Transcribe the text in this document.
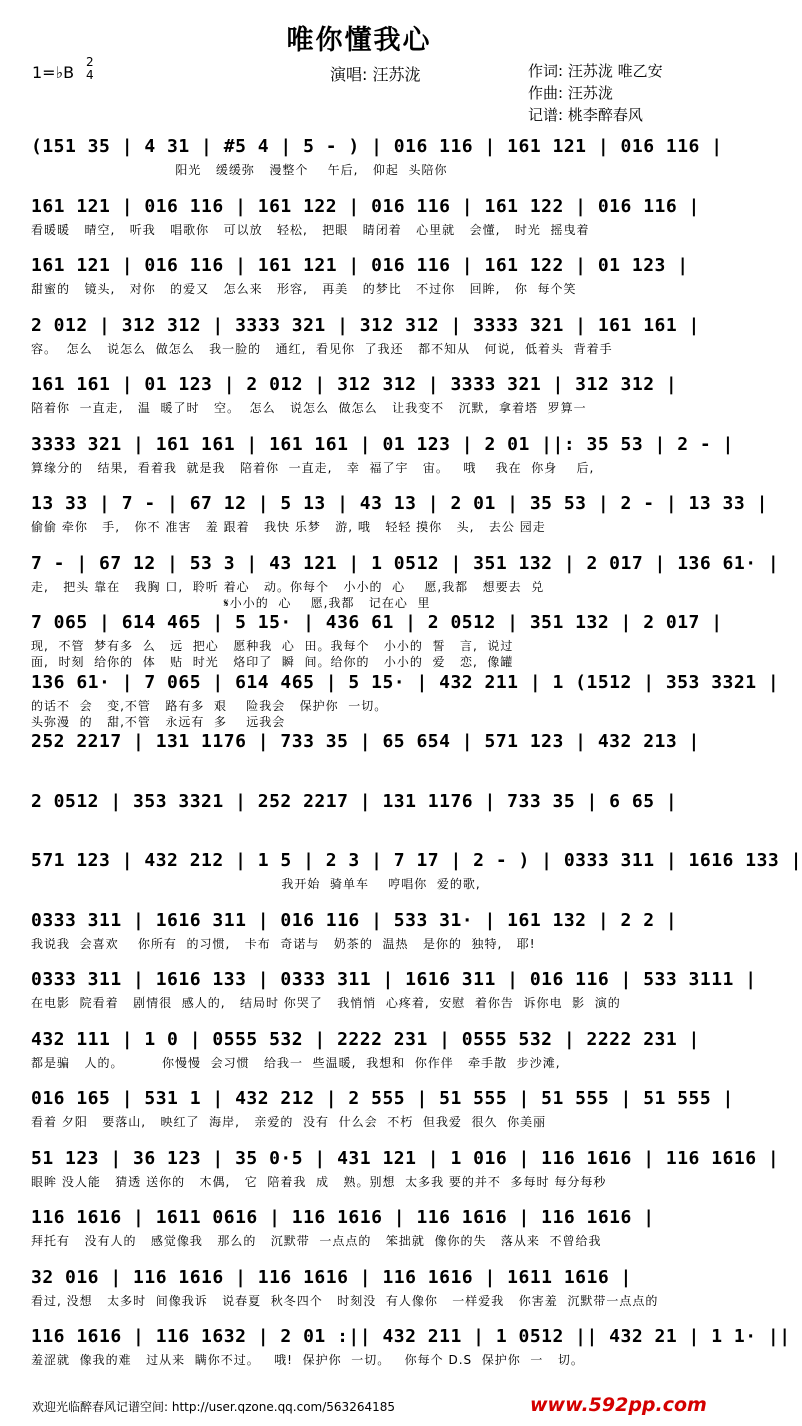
唯你懂我心
1=♭B
2
4	演唱: 汪苏泷	作词: 汪苏泷 唯乙安
作曲: 汪苏泷
记谱: 桃李醉春风
(151 35 | 4 31 | #5 4 | 5 - ) | 016 116 | 161 121 | 016 116 |
阳光   缓缓弥   漫整个    午后,   仰起  头陪你
161 121 | 016 116 | 161 122 | 016 116 | 161 122 | 016 116 |
看暖暖   晴空,   听我   唱歌你   可以放   轻松,   把眼   睛闭着   心里就   会懂,   时光  摇曳着
161 121 | 016 116 | 161 121 | 016 116 | 161 122 | 01 123 |
甜蜜的   镜头,   对你   的爱又   怎么来   形容,   再美   的梦比   不过你   回眸,   你  每个笑
2 012 | 312 312 | 3333 321 | 312 312 | 3333 321 | 161 161 |
容。  怎么   说怎么  做怎么   我一脸的   通红,  看见你  了我还   都不知从   何说,  低着头  背着手
161 161 | 01 123 | 2 012 | 312 312 | 3333 321 | 312 312 |
陪着你  一直走,   温  暖了时   空。  怎么   说怎么  做怎么   让我变不   沉默,  拿着塔  罗算一
3333 321 | 161 161 | 161 161 | 01 123 | 2 01 ||: 35 53 | 2 - |
算缘分的   结果,  看着我  就是我   陪着你  一直走,   幸  福了宇   宙。   哦    我在  你身    后,
13 33 | 7 - | 67 12 | 5 13 | 43 13 | 2 01 | 35 53 | 2 - | 13 33 |
偷偷 牵你   手,   你不 准害   羞 跟着   我快 乐梦   游, 哦   轻轻 摸你   头,   去公 园走
7 - | 67 12 | 53 3 | 43 121 | 1 0512 | 351 132 | 2 017 | 136 61· |
走,   把头 靠在   我胸 口,  聆听 着心   动。你每个   小小的  心    愿,我都   想要去  兑
𝄋小小的  心    愿,我都   记在心  里
7 065 | 614 465 | 5 15· | 436 61 | 2 0512 | 351 132 | 2 017 |
现,  不管  梦有多  么   远  把心   愿种我  心  田。我每个   小小的  誓   言,  说过
面,  时刻  给你的  体   贴  时光   烙印了  瞬  间。给你的   小小的  爱   恋,  像罐
136 61· | 7 065 | 614 465 | 5 15· | 432 211 | 1 (1512 | 353 3321 |
的话不  会   变,不管   路有多  艰    险我会   保护你  一切。
头弥漫  的   甜,不管   永远有  多    远我会
252 2217 | 131 1176 | 733 35 | 65 654 | 571 123 | 432 213 |
2 0512 | 353 3321 | 252 2217 | 131 1176 | 733 35 | 6 65 |
571 123 | 432 212 | 1 5 | 2 3 | 7 17 | 2 - ) | 0333 311 | 1616 133 |
我开始  骑单车    哼唱你  爱的歌,
0333 311 | 1616 311 | 016 116 | 533 31· | 161 132 | 2 2 |
我说我  会喜欢    你所有  的习惯,   卡布  奇诺与   奶茶的  温热   是你的  独特,   耶!
0333 311 | 1616 133 | 0333 311 | 1616 311 | 016 116 | 533 3111 |
在电影  院看着   剧情很  感人的,   结局时 你哭了   我悄悄  心疼着,  安慰  着你告  诉你电  影  演的
432 111 | 1 0 | 0555 532 | 2222 231 | 0555 532 | 2222 231 |
都是骗   人的。        你慢慢  会习惯   给我一  些温暖,  我想和  你作伴   牵手散  步沙滩,
016 165 | 531 1 | 432 212 | 2 555 | 51 555 | 51 555 | 51 555 |
看着 夕阳   要落山,   映红了  海岸,   亲爱的  没有  什么会  不朽  但我爱  很久  你美丽
51 123 | 36 123 | 35 0·5 | 431 121 | 1 016 | 116 1616 | 116 1616 |
眼眸 没人能   猜透 送你的   木偶,   它  陪着我  成   熟。别想  太多我 要的并不  多每时 每分每秒
116 1616 | 1611 0616 | 116 1616 | 116 1616 | 116 1616 |
拜托有   没有人的   感觉像我   那么的   沉默带  一点点的   笨拙就  像你的失   落从来  不曾给我
32 016 | 116 1616 | 116 1616 | 116 1616 | 1611 1616 |
看过, 没想   太多时  间像我诉   说春夏  秋冬四个   时刻没  有人像你   一样爱我   你害羞  沉默带一点点的
116 1616 | 116 1632 | 2 01 :|| 432 211 | 1 0512 || 432 21 | 1 1· ||
羞涩就  像我的难   过从来  瞒你不过。   哦!  保护你  一切。   你每个 D.S  保护你  一   切。
欢迎光临醉春风记谱空间: http://user.qzone.qq.com/563264185	www.592pp.com
